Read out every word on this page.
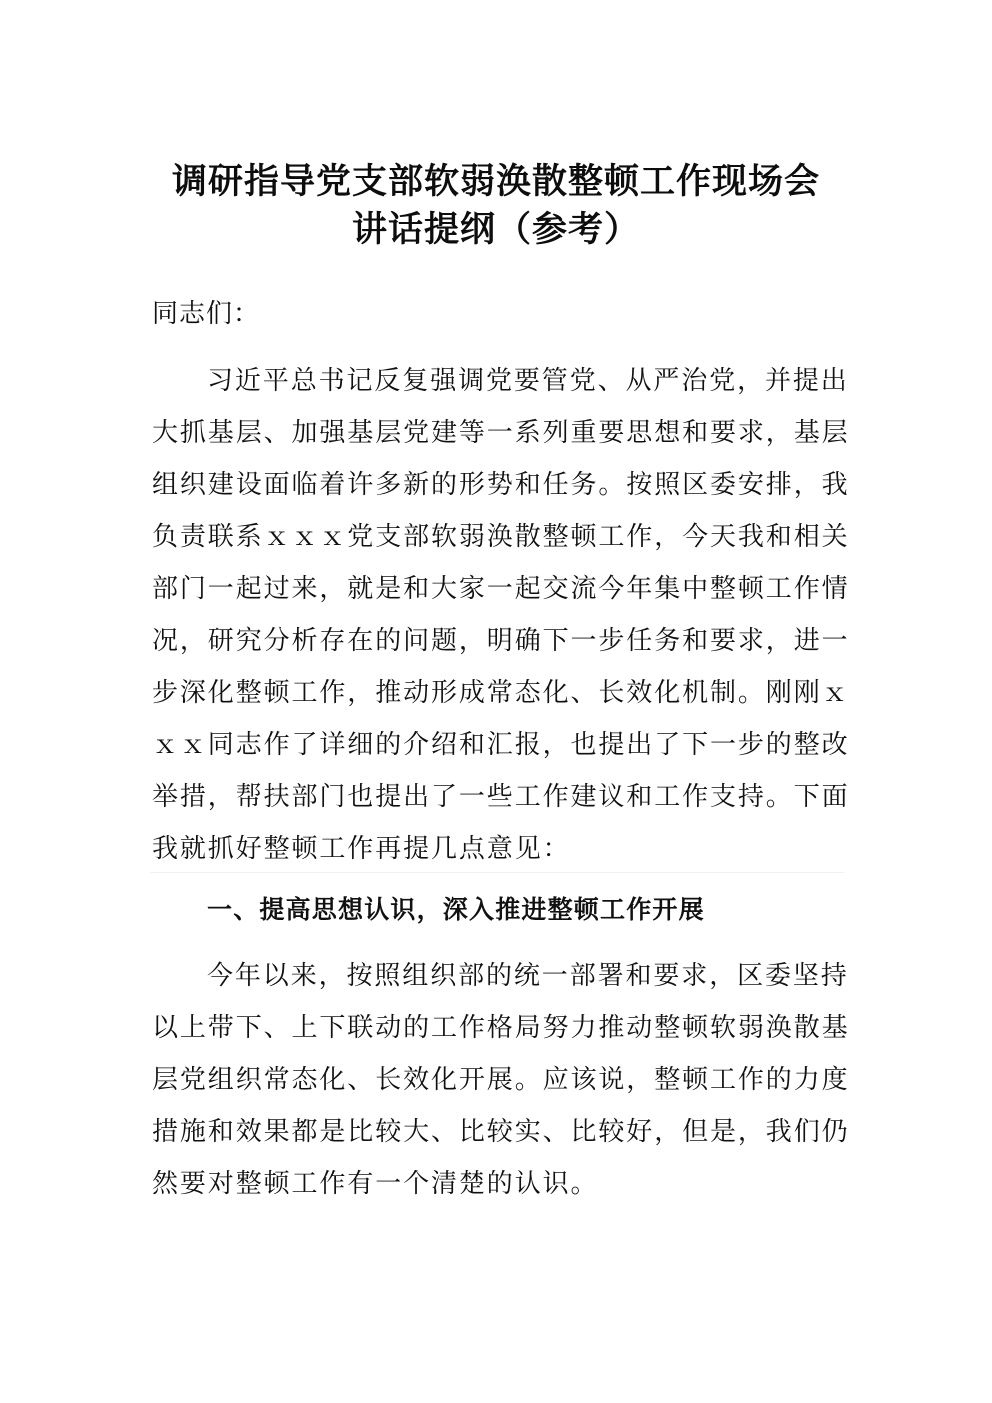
调研指导党支部软弱涣散整顿工作现场会
讲话提纲（参考）
同志们：
习近平总书记反复强调党要管党、从严治党，并提出
大抓基层、加强基层党建等一系列重要思想和要求，基层
组织建设面临着许多新的形势和任务。按照区委安排，我
负责联系ｘｘｘ党支部软弱涣散整顿工作，今天我和相关
部门一起过来，就是和大家一起交流今年集中整顿工作情
况，研究分析存在的问题，明确下一步任务和要求，进一
步深化整顿工作，推动形成常态化、长效化机制。刚刚ｘ
ｘｘ同志作了详细的介绍和汇报，也提出了下一步的整改
举措，帮扶部门也提出了一些工作建议和工作支持。下面
我就抓好整顿工作再提几点意见：
一、提高思想认识，深入推进整顿工作开展
今年以来，按照组织部的统一部署和要求，区委坚持
以上带下、上下联动的工作格局努力推动整顿软弱涣散基
层党组织常态化、长效化开展。应该说，整顿工作的力度
措施和效果都是比较大、比较实、比较好，但是，我们仍
然要对整顿工作有一个清楚的认识。
